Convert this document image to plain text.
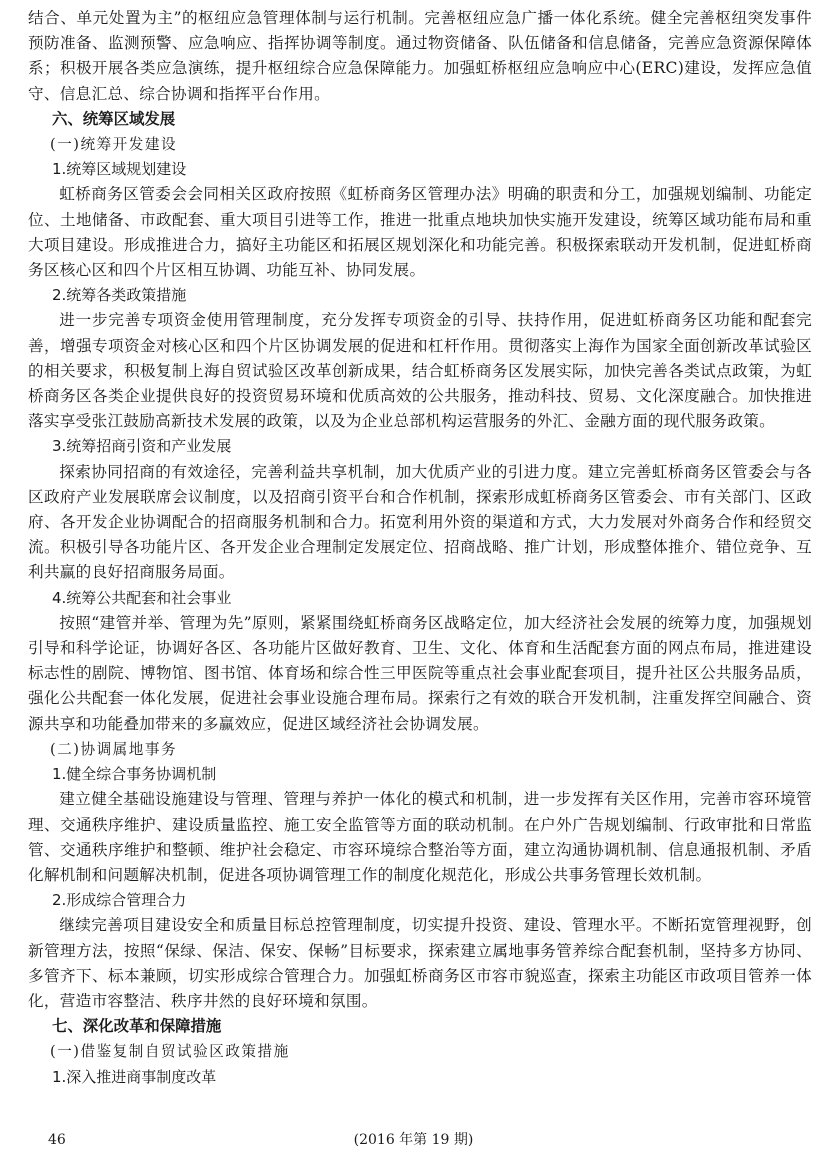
结合、单元处置为主”的枢纽应急管理体制与运行机制。完善枢纽应急广播一体化系统。健全完善枢纽突发事件预防准备、监测预警、应急响应、指挥协调等制度。通过物资储备、队伍储备和信息储备，完善应急资源保障体系；积极开展各类应急演练，提升枢纽综合应急保障能力。加强虹桥枢纽应急响应中心(ERC)建设，发挥应急值守、信息汇总、综合协调和指挥平台作用。

六、统筹区域发展

(一)统筹开发建设

1.统筹区域规划建设

虹桥商务区管委会会同相关区政府按照《虹桥商务区管理办法》明确的职责和分工，加强规划编制、功能定位、土地储备、市政配套、重大项目引进等工作，推进一批重点地块加快实施开发建设，统筹区域功能布局和重大项目建设。形成推进合力，搞好主功能区和拓展区规划深化和功能完善。积极探索联动开发机制，促进虹桥商务区核心区和四个片区相互协调、功能互补、协同发展。

2.统筹各类政策措施

进一步完善专项资金使用管理制度，充分发挥专项资金的引导、扶持作用，促进虹桥商务区功能和配套完善，增强专项资金对核心区和四个片区协调发展的促进和杠杆作用。贯彻落实上海作为国家全面创新改革试验区的相关要求，积极复制上海自贸试验区改革创新成果，结合虹桥商务区发展实际，加快完善各类试点政策，为虹桥商务区各类企业提供良好的投资贸易环境和优质高效的公共服务，推动科技、贸易、文化深度融合。加快推进落实享受张江鼓励高新技术发展的政策，以及为企业总部机构运营服务的外汇、金融方面的现代服务政策。

3.统筹招商引资和产业发展

探索协同招商的有效途径，完善利益共享机制，加大优质产业的引进力度。建立完善虹桥商务区管委会与各区政府产业发展联席会议制度，以及招商引资平台和合作机制，探索形成虹桥商务区管委会、市有关部门、区政府、各开发企业协调配合的招商服务机制和合力。拓宽利用外资的渠道和方式，大力发展对外商务合作和经贸交流。积极引导各功能片区、各开发企业合理制定发展定位、招商战略、推广计划，形成整体推介、错位竞争、互利共赢的良好招商服务局面。

4.统筹公共配套和社会事业

按照“建管并举、管理为先”原则，紧紧围绕虹桥商务区战略定位，加大经济社会发展的统筹力度，加强规划引导和科学论证，协调好各区、各功能片区做好教育、卫生、文化、体育和生活配套方面的网点布局，推进建设标志性的剧院、博物馆、图书馆、体育场和综合性三甲医院等重点社会事业配套项目，提升社区公共服务品质，强化公共配套一体化发展，促进社会事业设施合理布局。探索行之有效的联合开发机制，注重发挥空间融合、资源共享和功能叠加带来的多赢效应，促进区域经济社会协调发展。

(二)协调属地事务

1.健全综合事务协调机制

建立健全基础设施建设与管理、管理与养护一体化的模式和机制，进一步发挥有关区作用，完善市容环境管理、交通秩序维护、建设质量监控、施工安全监管等方面的联动机制。在户外广告规划编制、行政审批和日常监管、交通秩序维护和整顿、维护社会稳定、市容环境综合整治等方面，建立沟通协调机制、信息通报机制、矛盾化解机制和问题解决机制，促进各项协调管理工作的制度化规范化，形成公共事务管理长效机制。

2.形成综合管理合力

继续完善项目建设安全和质量目标总控管理制度，切实提升投资、建设、管理水平。不断拓宽管理视野，创新管理方法，按照“保绿、保洁、保安、保畅”目标要求，探索建立属地事务管养综合配套机制，坚持多方协同、多管齐下、标本兼顾，切实形成综合管理合力。加强虹桥商务区市容市貌巡查，探索主功能区市政项目管养一体化，营造市容整洁、秩序井然的良好环境和氛围。

七、深化改革和保障措施

(一)借鉴复制自贸试验区政策措施

1.深入推进商事制度改革

46	(2016 年第 19 期)
